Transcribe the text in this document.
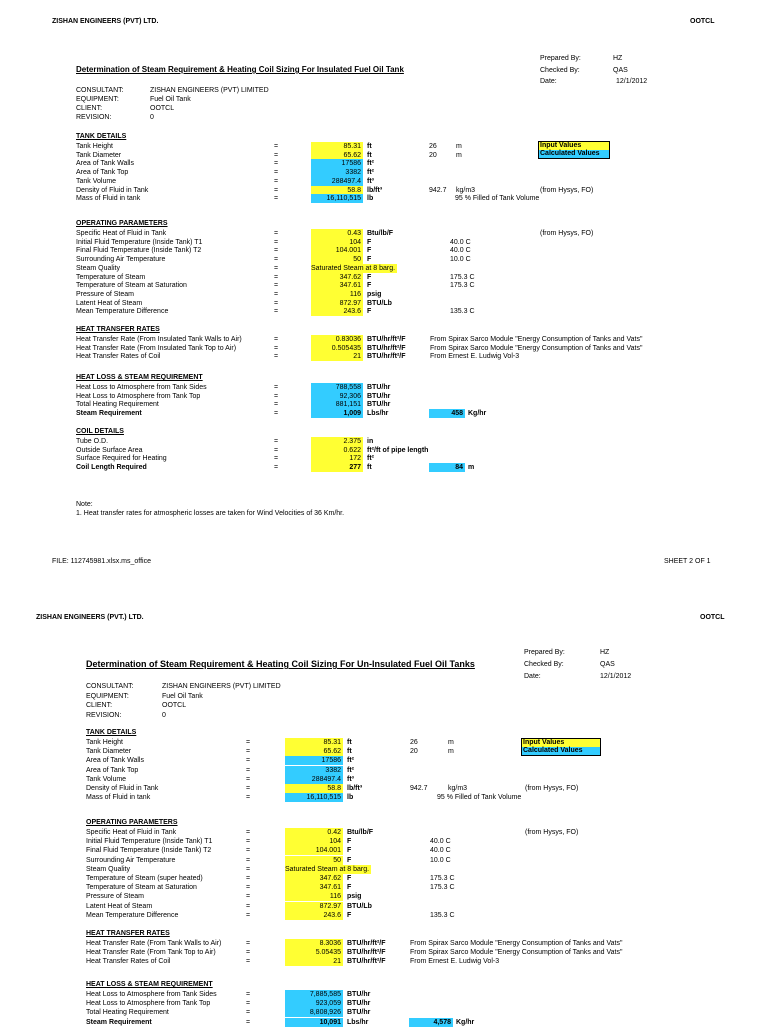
ZISHAN ENGINEERS (PVT) LTD.	OOTCL
Prepared By:	HZ
Checked By:	QAS
Date:	12/1/2012
Determination of Steam Requirement & Heating Coil Sizing For Insulated Fuel Oil Tank
CONSULTANT:	ZISHAN ENGINEERS (PVT) LIMITED
EQUIPMENT:	Fuel Oil Tank
CLIENT:	OOTCL
REVISION:	0
Input Values
Calculated Values
TANK DETAILS
Tank Height	=	85.31 ft	26	m
Tank Diameter	=	65.62 ft	20	m
Area of Tank Walls	=	17586 ft²
Area of Tank Top	=	3382 ft²
Tank Volume	=	288497.4 ft³
Density of Fluid in Tank	=	58.8 lb/ft³	942.7 kg/m3	(from Hysys, FO)
Mass of Fluid in tank	=	16,110,515 lb	95 % Filled of Tank Volume
OPERATING PARAMETERS
Specific Heat of Fluid in Tank	=	0.43 Btu/lb/F	(from Hysys, FO)
Initial Fluid Temperature (Inside Tank) T1	=	104 F	40.0 C
Final Fluid Temperature (Inside Tank) T2	=	104.001 F	40.0 C
Surrounding Air Temperature	=	50 F	10.0 C
Steam Quality	=	Saturated Steam at 8 barg.
Temperature of Steam	=	347.62 F	175.3 C
Temperature of Steam at Saturation	=	347.61 F	175.3 C
Pressure of Steam	=	116 psig
Latent Heat of Steam	=	872.97 BTU/Lb
Mean Temperature Difference	=	243.6 F	135.3 C
HEAT TRANSFER RATES
Heat Transfer Rate (From Insulated Tank Walls to Air)	=	0.83036 BTU/hr/ft²/F	From Spirax Sarco Module "Energy Consumption of Tanks and Vats"
Heat Transfer Rate (From Insulated Tank Top to Air)	=	0.505435 BTU/hr/ft²/F	From Spirax Sarco Module "Energy Consumption of Tanks and Vats"
Heat Transfer Rates of Coil	=	21 BTU/hr/ft²/F	From Ernest E. Ludwig Vol-3
HEAT LOSS & STEAM REQUIREMENT
Heat Loss to Atmosphere from Tank Sides	=	788,558 BTU/hr
Heat Loss to Atmosphere from Tank Top	=	92,306 BTU/hr
Total Heating Requirement	=	881,151 BTU/hr
Steam Requirement	=	1,009 Lbs/hr	458 Kg/hr
COIL DETAILS
Tube O.D.	=	2.375 in
Outside Surface Area	=	0.622 ft²/ft of pipe length
Surface Required for Heating	=	172 ft²
Coil Length Required	=	277 ft	84 m
Note:
1. Heat transfer rates for atmospheric losses are taken for Wind Velocities of 36 Km/hr.
FILE: 112745981.xlsx.ms_office	SHEET 2 OF 1
ZISHAN ENGINEERS (PVT.) LTD.	OOTCL
Prepared By:	HZ
Checked By:	QAS
Date:	12/1/2012
Determination of Steam Requirement & Heating Coil Sizing For Un-Insulated Fuel Oil Tanks
CONSULTANT:	ZISHAN ENGINEERS (PVT) LIMITED
EQUIPMENT:	Fuel Oil Tank
CLIENT:	OOTCL
REVISION:	0
Input Values
Calculated Values
TANK DETAILS
Tank Height	=	85.31 ft	26	m
Tank Diameter	=	65.62 ft	20	m
Area of Tank Walls	=	17586 ft²
Area of Tank Top	=	3382 ft²
Tank Volume	=	288497.4 ft³
Density of Fluid in Tank	=	58.8 lb/ft³	942.7	kg/m3	(from Hysys, FO)
Mass of Fluid in tank	=	16,110,515 lb	95 % Filled of Tank Volume
OPERATING PARAMETERS
Specific Heat of Fluid in Tank	=	0.42 Btu/lb/F	(from Hysys, FO)
Initial Fluid Temperature (Inside Tank) T1	=	104 F	40.0 C
Final Fluid Temperature (Inside Tank) T2	=	104.001 F	40.0 C
Surrounding Air Temperature	=	50 F	10.0 C
Steam Quality	=	Saturated Steam at 8 barg.
Temperature of Steam (super heated)	=	347.62 F	175.3 C
Temperature of Steam at Saturation	=	347.61 F	175.3 C
Pressure of Steam	=	116 psig
Latent Heat of Steam	=	872.97 BTU/Lb
Mean Temperature Difference	=	243.6 F	135.3 C
HEAT TRANSFER RATES
Heat Transfer Rate (From Tank Walls to Air)	=	8.3036 BTU/hr/ft²/F	From Spirax Sarco Module "Energy Consumption of Tanks and Vats"
Heat Transfer Rate (From Tank Top to Air)	=	5.05435 BTU/hr/ft²/F	From Spirax Sarco Module "Energy Consumption of Tanks and Vats"
Heat Transfer Rates of Coil	=	21 BTU/hr/ft²/F	From Ernest E. Ludwig Vol-3
HEAT LOSS & STEAM REQUIREMENT
Heat Loss to Atmosphere from Tank Sides	=	7,885,585 BTU/hr
Heat Loss to Atmosphere from Tank Top	=	923,059 BTU/hr
Total Heating Requirement	=	8,808,926 BTU/hr
Steam Requirement	=	10,091 Lbs/hr	4,578 Kg/hr
